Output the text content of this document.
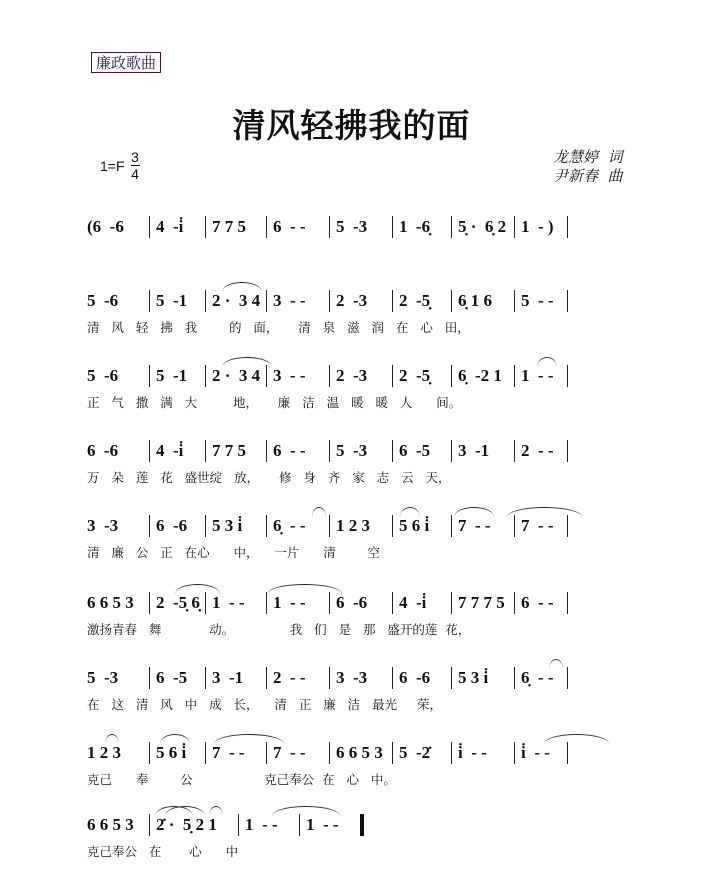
廉政歌曲
清风轻拂我的面
$1=F \frac{3}{4}$	龙慧婷  词
尹新春  曲
(6  -6	4  -i̇	7 7 5	6  - -	5  -3	1  -6̣	5̣ ·  6̣ 2 1  - )
5  -6	5  -1	2 ·  3 4 3  - -	2  -3	2  -5̣	6̣ 1 6	5  - -
清   风   轻   拂   我        的   面，     清   泉   滋   润   在   心   田，
5  -6	5  -1	2 ·  3 4 3  - -	2  -3	2  -5̣	6̣  -2 1	1  - -
正   气   撒   满   大         地，     廉   洁   温   暖   暖   人      间。
6  -6	4  -i̇	7 7 5	6  - -	5  -3	6  -5	3  -1	2  - -
万   朵   莲   花   盛世绽   放，     修   身   齐   家   志   云   天，
3  -3	6  -6	5 3 i̇	6̣  - -	1 2 3	5 6 i̇	7  - -	7  - -
清   廉   公   正   在心      中，    一片      清        空
6 6 5 3	2  -5̣ 6̣ 1  - -	1  - -	6  -6	4  -i̇	7 7 7 5 6  - -
激扬青春   舞            动。              我   们   是   那   盛开的莲  花，
5  -3	6  -5	3  -1	2  - -	3  -3	6  -6	5 3 i̇	6̣  - -
在   这   清   风   中   成   长，    清   正   廉   洁   最光     荣，
1 2 3	5 6 i̇	7  - -	7  - -	6 6 5 3 5  -2̇	i̇  - -	i̇  - -
克己      奉        公                  克己奉公  在   心   中。
6 6 5 3	2̇ ·  5̣ 2 1	1  - -	1  - -
克己奉公   在       心      中
